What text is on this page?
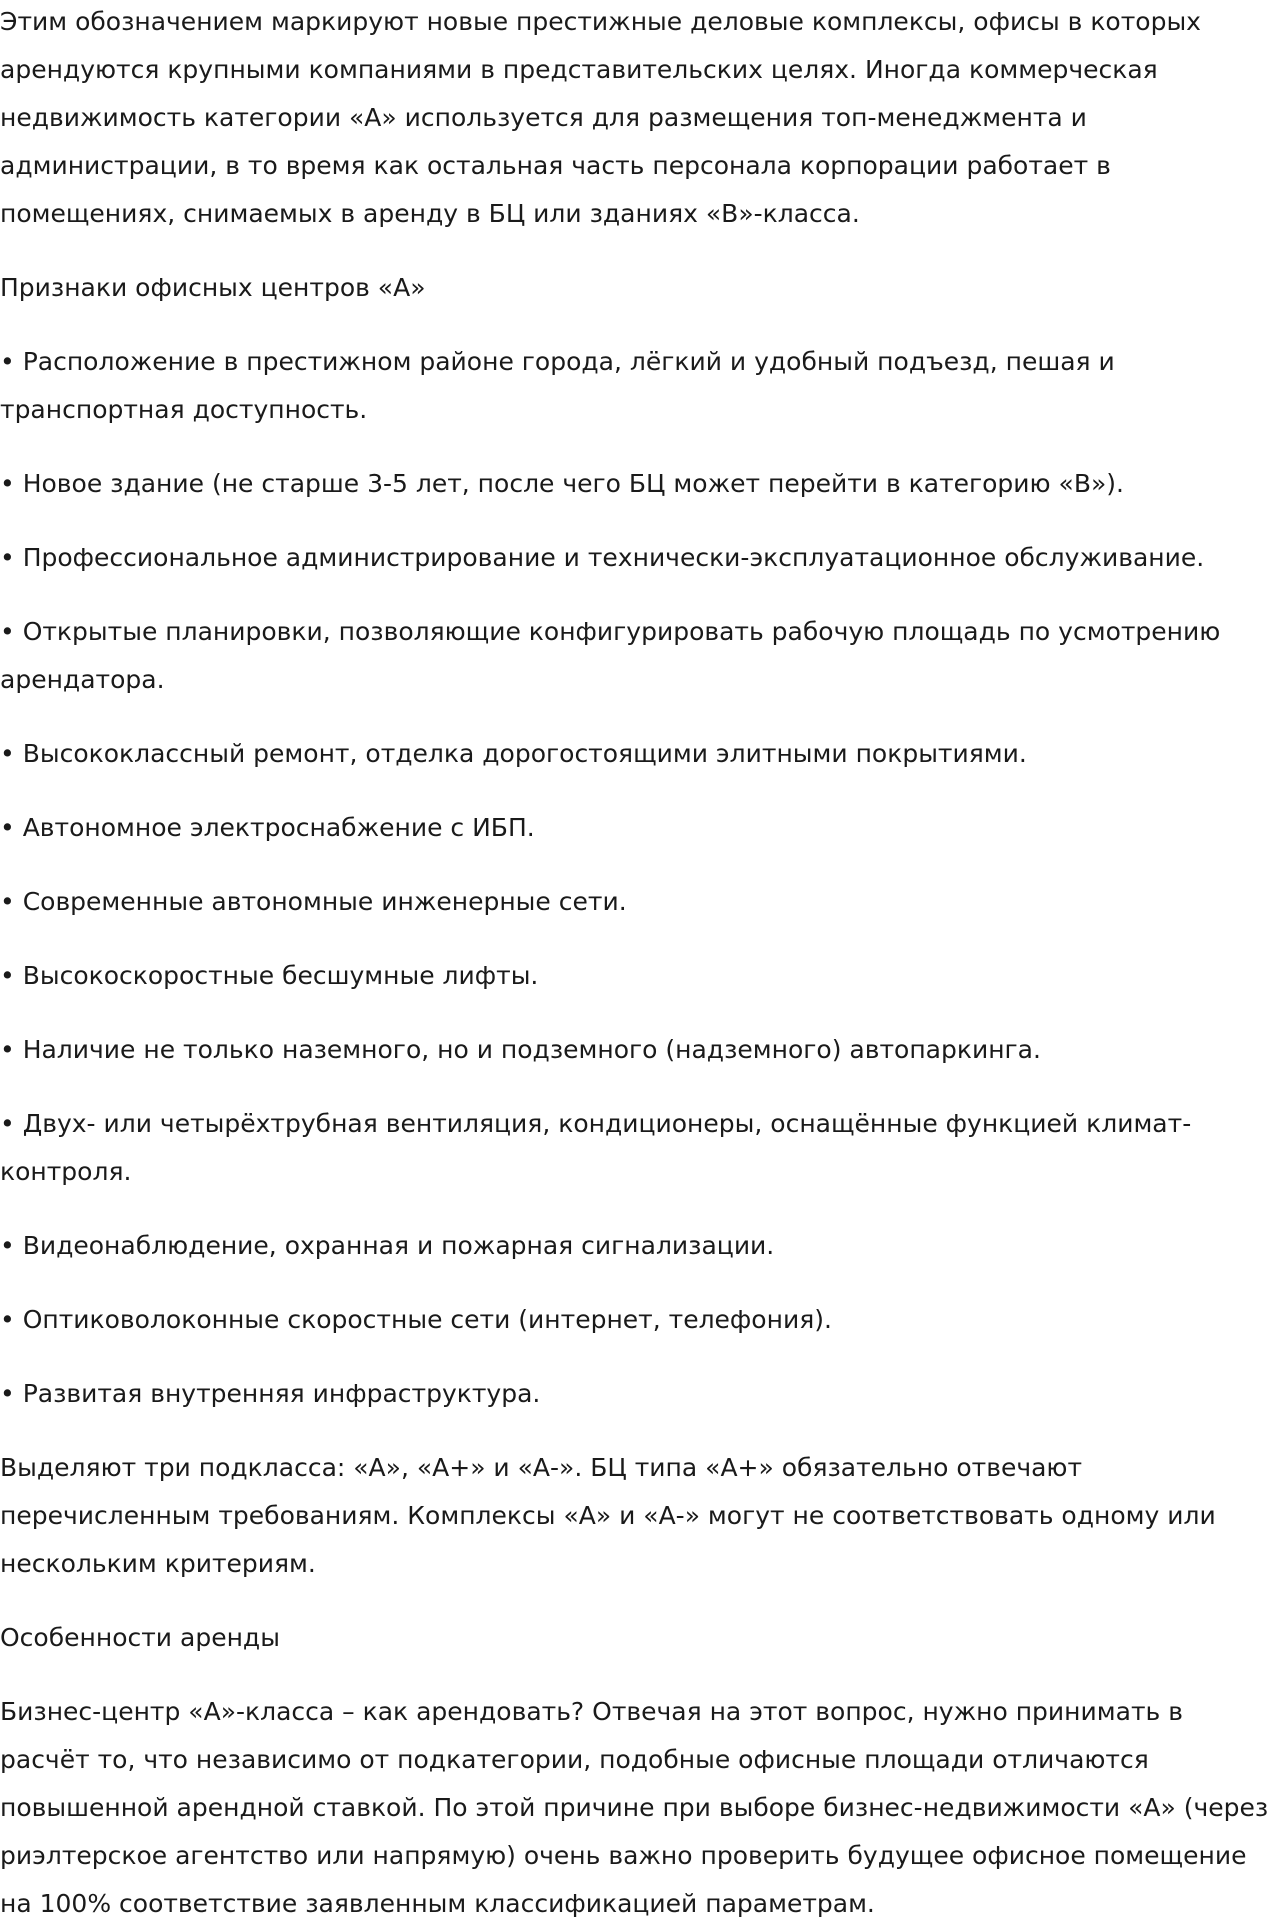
Этим обозначением маркируют новые престижные деловые комплексы, офисы в которых арендуются крупными компаниями в представительских целях. Иногда коммерческая недвижимость категории «А» используется для размещения топ-менеджмента и администрации, в то время как остальная часть персонала корпорации работает в помещениях, снимаемых в аренду в БЦ или зданиях «В»-класса.

Признаки офисных центров «А»

• Расположение в престижном районе города, лёгкий и удобный подъезд, пешая и транспортная доступность.

• Новое здание (не старше 3-5 лет, после чего БЦ может перейти в категорию «В»).

• Профессиональное администрирование и технически-эксплуатационное обслуживание.

• Открытые планировки, позволяющие конфигурировать рабочую площадь по усмотрению арендатора.

• Высококлассный ремонт, отделка дорогостоящими элитными покрытиями.

• Автономное электроснабжение с ИБП.

• Современные автономные инженерные сети.

• Высокоскоростные бесшумные лифты.

• Наличие не только наземного, но и подземного (надземного) автопаркинга.

• Двух- или четырёхтрубная вентиляция, кондиционеры, оснащённые функцией климат-контроля.

• Видеонаблюдение, охранная и пожарная сигнализации.

• Оптиковолоконные скоростные сети (интернет, телефония).

• Развитая внутренняя инфраструктура.

Выделяют три подкласса: «А», «А+» и «А-». БЦ типа «А+» обязательно отвечают перечисленным требованиям. Комплексы «А» и «А-» могут не соответствовать одному или нескольким критериям.

Особенности аренды

Бизнес-центр «А»-класса – как арендовать? Отвечая на этот вопрос, нужно принимать в расчёт то, что независимо от подкатегории, подобные офисные площади отличаются повышенной арендной ставкой. По этой причине при выборе бизнес-недвижимости «А» (через риэлтерское агентство или напрямую) очень важно проверить будущее офисное помещение на 100% соответствие заявленным классификацией параметрам.
